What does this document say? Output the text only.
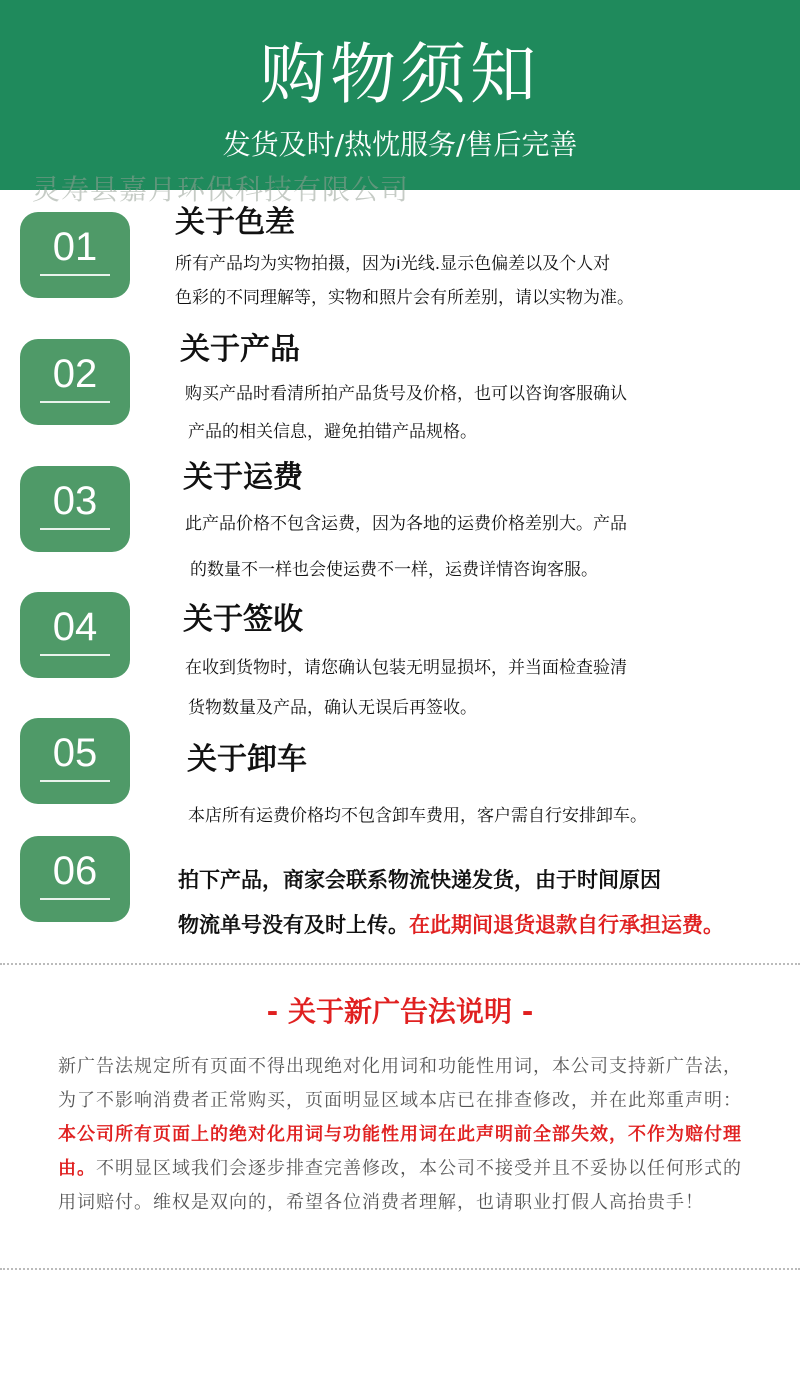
购物须知
发货及时/热忱服务/售后完善
灵寿县嘉月环保科技有限公司
01
关于色差
所有产品均为实物拍摄，因为i光线.显示色偏差以及个人对
色彩的不同理解等，实物和照片会有所差别，请以实物为准。
02
关于产品
购买产品时看清所拍产品货号及价格，也可以咨询客服确认
产品的相关信息，避免拍错产品规格。
03
关于运费
此产品价格不包含运费，因为各地的运费价格差别大。产品
的数量不一样也会使运费不一样，运费详情咨询客服。
04	关于签收
在收到货物时，请您确认包装无明显损坏，并当面检查验清
货物数量及产品，确认无误后再签收。
05	关于卸车
本店所有运费价格均不包含卸车费用，客户需自行安排卸车。
06	拍下产品，商家会联系物流快递发货，由于时间原因
物流单号没有及时上传。在此期间退货退款自行承担运费。
- 关于新广告法说明 -
新广告法规定所有页面不得出现绝对化用词和功能性用词，本公司支持新广告法，为了不影响消费者正常购买，页面明显区域本店已在排查修改，并在此郑重声明：本公司所有页面上的绝对化用词与功能性用词在此声明前全部失效，不作为赔付理由。不明显区域我们会逐步排查完善修改，本公司不接受并且不妥协以任何形式的用词赔付。维权是双向的，希望各位消费者理解，也请职业打假人高抬贵手！
